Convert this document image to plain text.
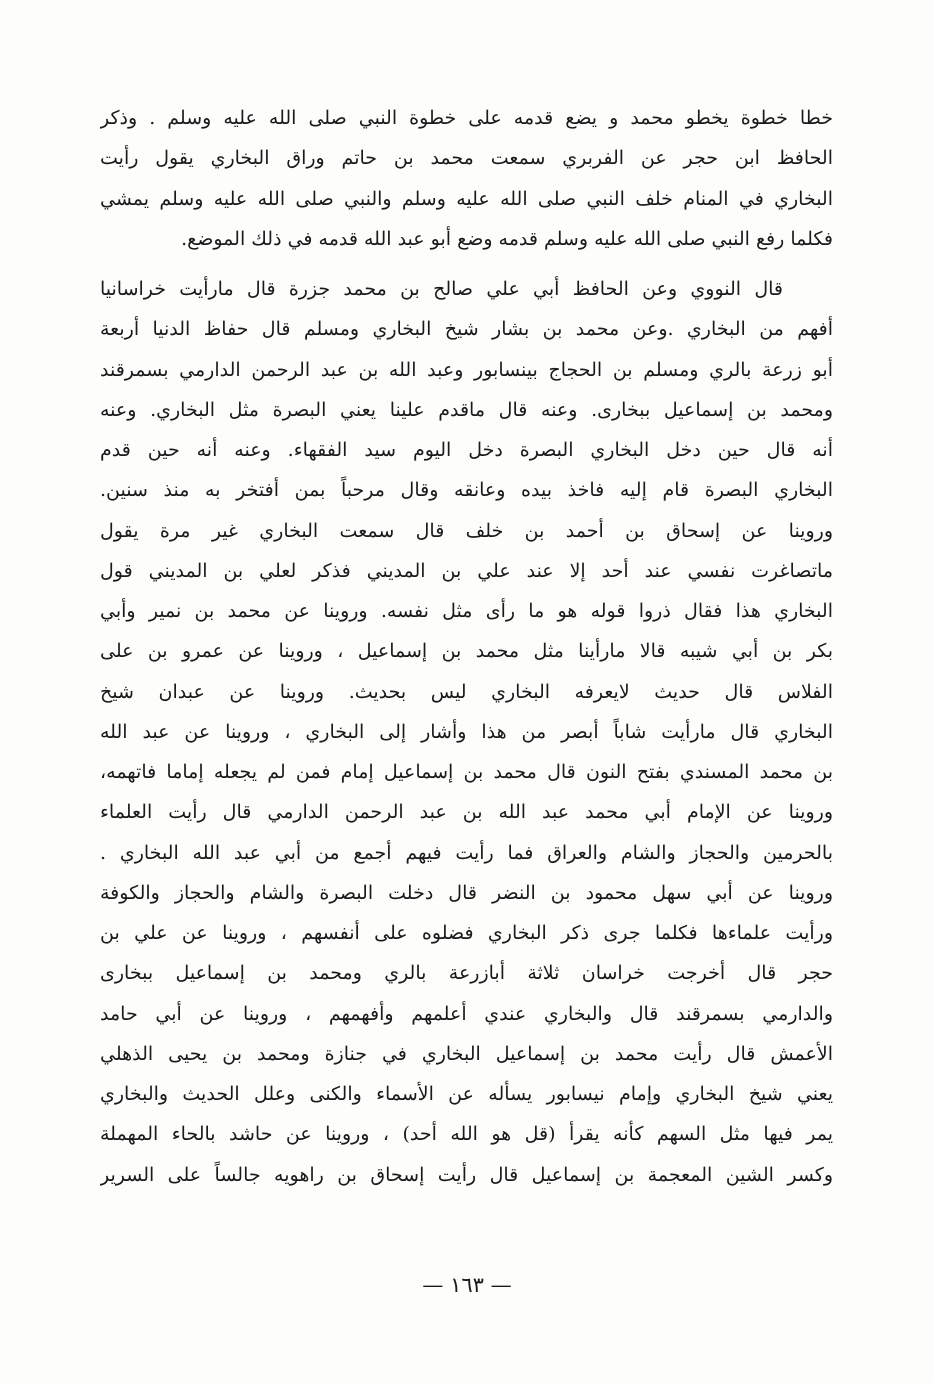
خطا خطوة يخطو محمد و يضع قدمه على خطوة النبي صلى الله عليه وسلم . وذكر
الحافظ ابن حجر عن الفربري سمعت محمد بن حاتم وراق البخاري يقول رأيت
البخاري في المنام خلف النبي صلى الله عليه وسلم والنبي صلى الله عليه وسلم يمشي
فكلما رفع النبي صلى الله عليه وسلم قدمه وضع أبو عبد الله قدمه في ذلك الموضع.
قال النووي وعن الحافظ أبي علي صالح بن محمد جزرة قال مارأيت خراسانيا
أفهم من البخاري .وعن محمد بن بشار شيخ البخاري ومسلم قال حفاظ الدنيا أربعة
أبو زرعة بالري ومسلم بن الحجاج بينسابور وعبد الله بن عبد الرحمن الدارمي بسمرقند
ومحمد بن إسماعيل ببخارى. وعنه قال ماقدم علينا يعني البصرة مثل البخاري. وعنه
أنه قال حين دخل البخاري البصرة دخل اليوم سيد الفقهاء. وعنه أنه حين قدم
البخاري البصرة قام إليه فاخذ بيده وعانقه وقال مرحباً بمن أفتخر به منذ سنين.
وروينا عن إسحاق بن أحمد بن خلف قال سمعت البخاري غير مرة يقول
ماتصاغرت نفسي عند أحد إلا عند علي بن المديني فذكر لعلي بن المديني قول
البخاري هذا فقال ذروا قوله هو ما رأى مثل نفسه. وروينا عن محمد بن نمير وأبي
بكر بن أبي شيبه قالا مارأينا مثل محمد بن إسماعيل ، وروينا عن عمرو بن على
الفلاس قال حديث لايعرفه البخاري ليس بحديث. وروينا عن عبدان شيخ
البخاري قال مارأيت شاباً أبصر من هذا وأشار إلى البخاري ، وروينا عن عبد الله
بن محمد المسندي بفتح النون قال محمد بن إسماعيل إمام فمن لم يجعله إماما فاتهمه،
وروينا عن الإمام أبي محمد عبد الله بن عبد الرحمن الدارمي قال رأيت العلماء
بالحرمين والحجاز والشام والعراق فما رأيت فيهم أجمع من أبي عبد الله البخاري .
وروينا عن أبي سهل محمود بن النضر قال دخلت البصرة والشام والحجاز والكوفة
ورأيت علماءها فكلما جرى ذكر البخاري فضلوه على أنفسهم ، وروينا عن علي بن
حجر قال أخرجت خراسان ثلاثة أبازرعة بالري ومحمد بن إسماعيل ببخارى
والدارمي بسمرقند قال والبخاري عندي أعلمهم وأفهمهم ، وروينا عن أبي حامد
الأعمش قال رأيت محمد بن إسماعيل البخاري في جنازة ومحمد بن يحيى الذهلي
يعني شيخ البخاري وإمام نيسابور يسأله عن الأسماء والكنى وعلل الحديث والبخاري
يمر فيها مثل السهم كأنه يقرأ (قل هو الله أحد) ، وروينا عن حاشد بالحاء المهملة
وكسر الشين المعجمة بن إسماعيل قال رأيت إسحاق بن راهويه جالساً على السرير
— ١٦٣ —
